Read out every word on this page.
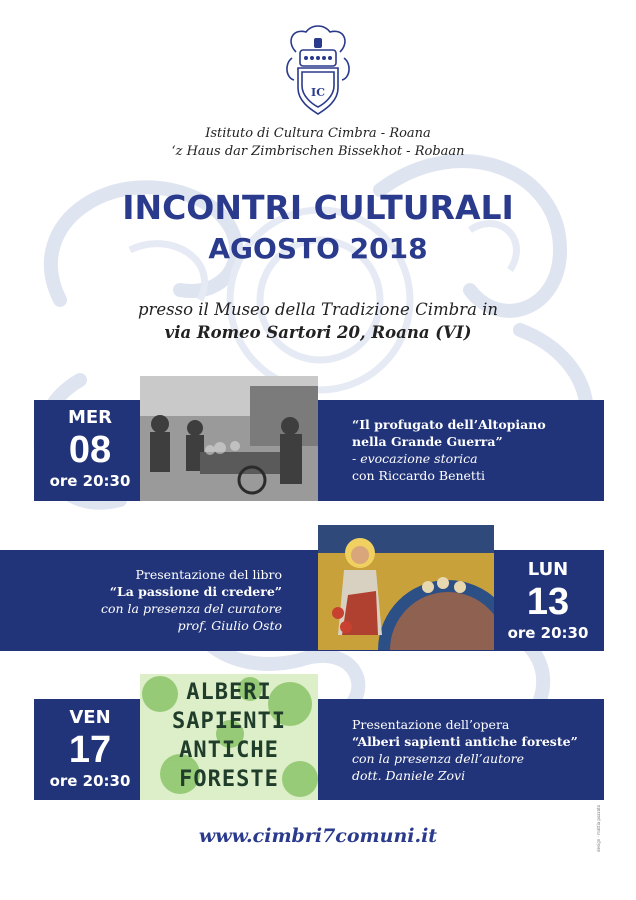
IC
Istituto di Cultura Cimbra - Roana
‘z Haus dar Zimbrischen Bissekhot - Robaan
INCONTRI CULTURALI
AGOSTO 2018
presso il Museo della Tradizione Cimbra in
via Romeo Sartori 20, Roana (VI)
MER
08
ore 20:30
“Il profugato dell’Altopiano
nella Grande Guerra”
- evocazione storica
con Riccardo Benetti
Presentazione del libro
“La passione di credere”
con la presenza del curatore
prof. Giulio Osto
LUN
13
ore 20:30
ALBERI
SAPIENTI
ANTICHE
FORESTE
VEN
17
ore 20:30
Presentazione dell’opera
“Alberi sapienti antiche foreste”
con la presenza dell’autore
dott. Daniele Zovi
www.cimbri7comuni.it	design · mattia pozzato
